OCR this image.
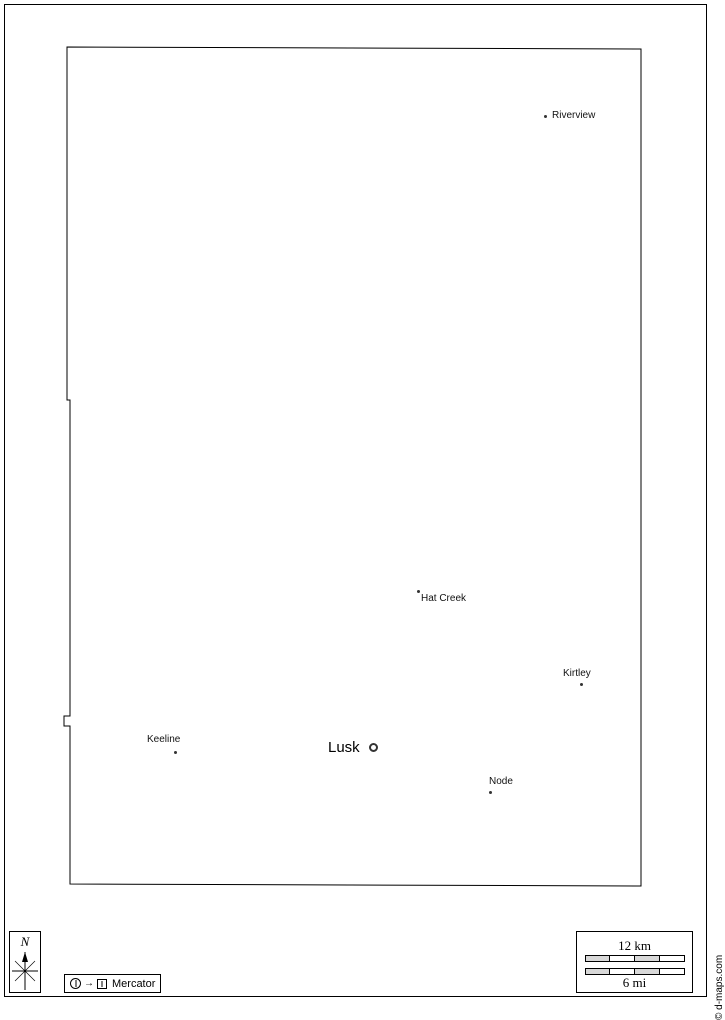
Riverview
Hat Creek
Kirtley
Keeline
Node
Lusk
N
→ Mercator
12 km
6 mi	© d-maps.com
